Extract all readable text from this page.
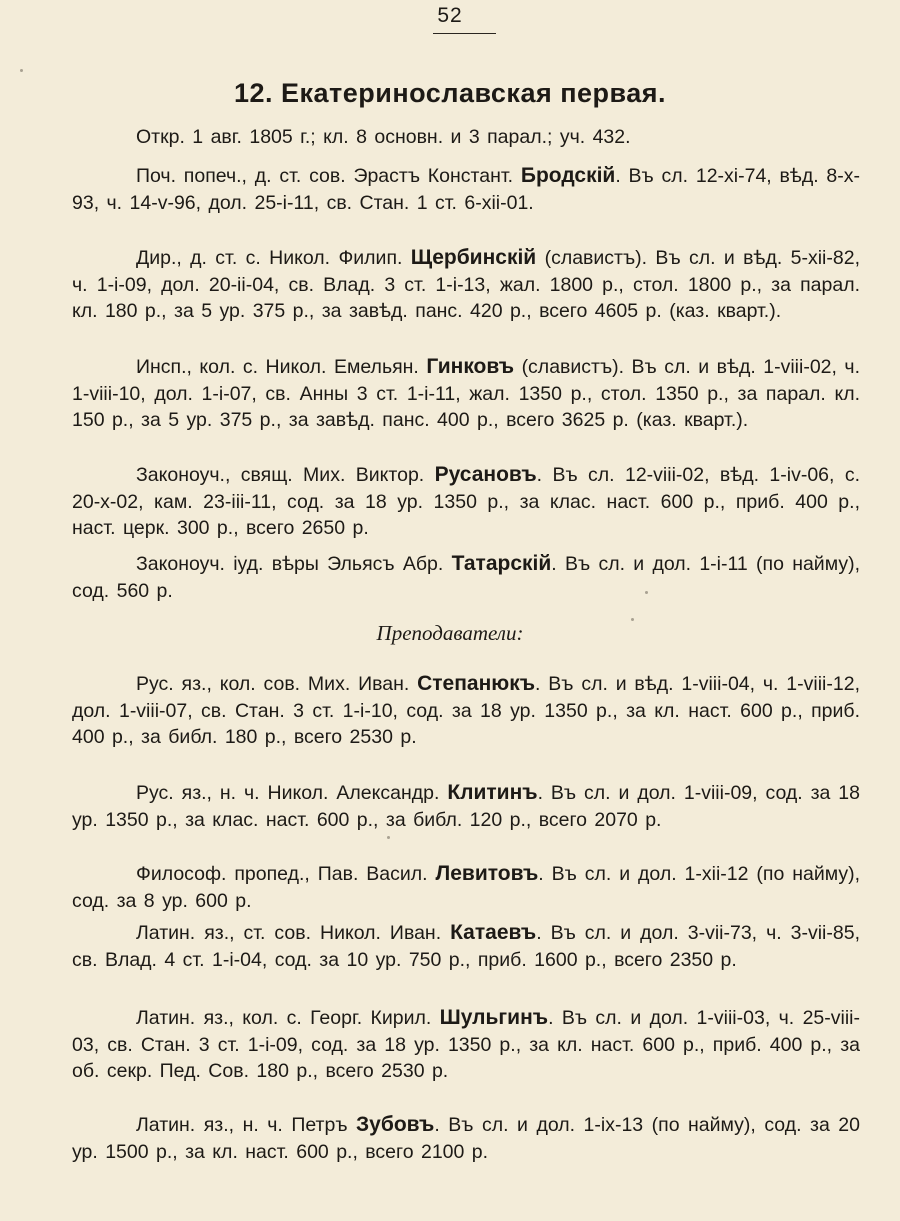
52
12. Екатеринославская первая.

Откр. 1 авг. 1805 г.; кл. 8 основн. и 3 парал.; уч. 432.

Поч. попеч., д. ст. сов. Эрастъ Констант. Бродскій. Въ сл. 12-xi-74, вѣд. 8-x-93, ч. 14-v-96, дол. 25-i-11, св. Стан. 1 ст. 6-xii-01.

Дир., д. ст. с. Никол. Филип. Щербинскій (славистъ). Въ сл. и вѣд. 5-xii-82, ч. 1-i-09, дол. 20-ii-04, св. Влад. 3 ст. 1-i-13, жал. 1800 р., стол. 1800 р., за парал. кл. 180 р., за 5 ур. 375 р., за завѣд. панс. 420 р., всего 4605 р. (каз. кварт.).

Инсп., кол. с. Никол. Емельян. Гинковъ (славистъ). Въ сл. и вѣд. 1-viii-02, ч. 1-viii-10, дол. 1-i-07, св. Анны 3 ст. 1-i-11, жал. 1350 р., стол. 1350 р., за парал. кл. 150 р., за 5 ур. 375 р., за завѣд. панс. 400 р., всего 3625 р. (каз. кварт.).

Законоуч., свящ. Мих. Виктор. Русановъ. Въ сл. 12-viii-02, вѣд. 1-iv-06, с. 20-x-02, кам. 23-iii-11, сод. за 18 ур. 1350 р., за клас. наст. 600 р., приб. 400 р., наст. церк. 300 р., всего 2650 р.

Законоуч. іуд. вѣры Эльясъ Абр. Татарскій. Въ сл. и дол. 1-i-11 (по найму), сод. 560 р.

Преподаватели:

Рус. яз., кол. сов. Мих. Иван. Степанюкъ. Въ сл. и вѣд. 1-viii-04, ч. 1-viii-12, дол. 1-viii-07, св. Стан. 3 ст. 1-i-10, сод. за 18 ур. 1350 р., за кл. наст. 600 р., приб. 400 р., за библ. 180 р., всего 2530 р.

Рус. яз., н. ч. Никол. Александр. Клитинъ. Въ сл. и дол. 1-viii-09, сод. за 18 ур. 1350 р., за клас. наст. 600 р., за библ. 120 р., всего 2070 р.

Философ. пропед., Пав. Васил. Левитовъ. Въ сл. и дол. 1-xii-12 (по найму), сод. за 8 ур. 600 р.

Латин. яз., ст. сов. Никол. Иван. Катаевъ. Въ сл. и дол. 3-vii-73, ч. 3-vii-85, св. Влад. 4 ст. 1-i-04, сод. за 10 ур. 750 р., приб. 1600 р., всего 2350 р.

Латин. яз., кол. с. Георг. Кирил. Шульгинъ. Въ сл. и дол. 1-viii-03, ч. 25-viii-03, св. Стан. 3 ст. 1-i-09, сод. за 18 ур. 1350 р., за кл. наст. 600 р., приб. 400 р., за об. секр. Пед. Сов. 180 р., всего 2530 р.

Латин. яз., н. ч. Петръ Зубовъ. Въ сл. и дол. 1-ix-13 (по найму), сод. за 20 ур. 1500 р., за кл. наст. 600 р., всего 2100 р.
